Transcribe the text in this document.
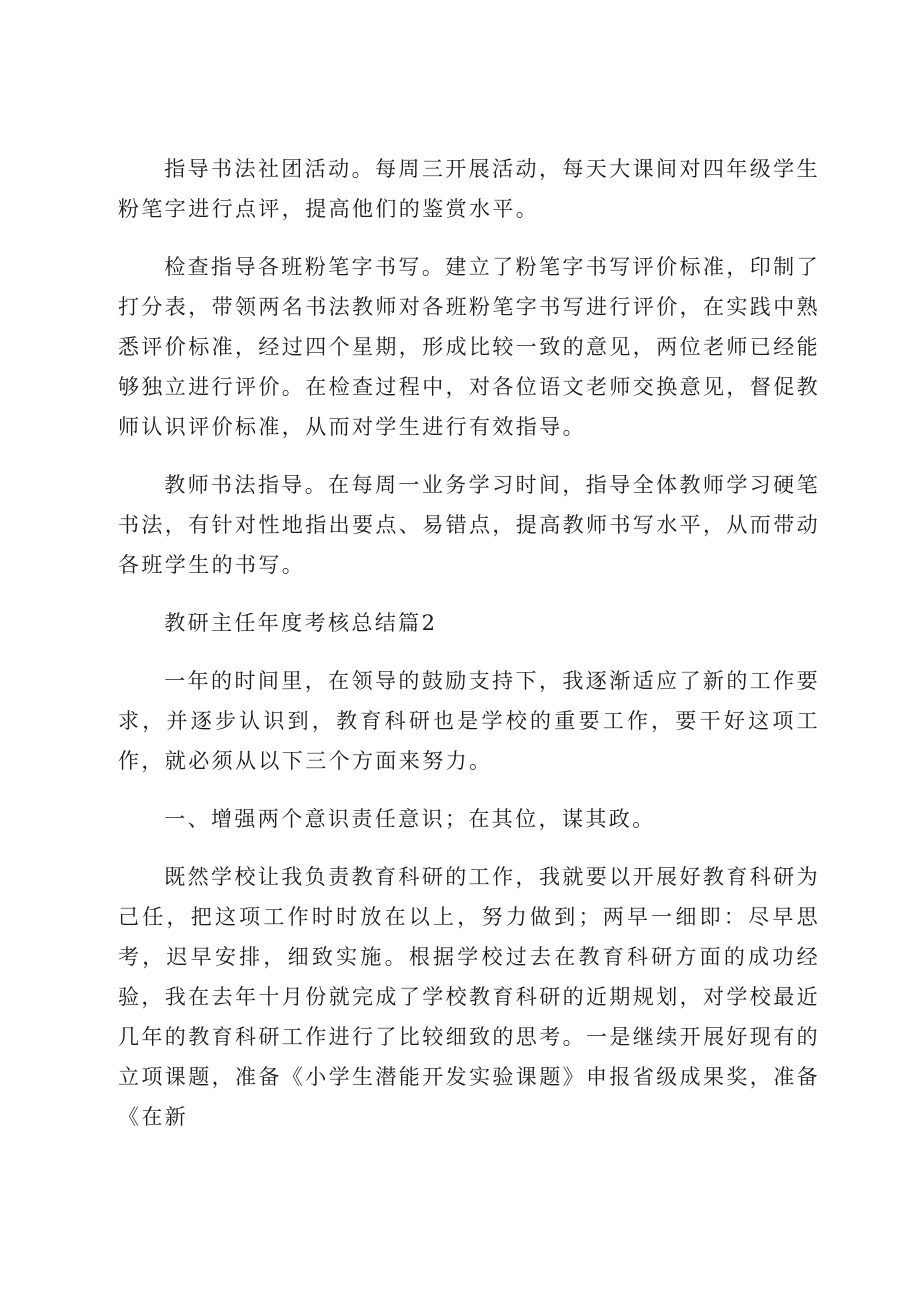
指导书法社团活动。每周三开展活动，每天大课间对四年级学生粉笔字进行点评，提高他们的鉴赏水平。

检查指导各班粉笔字书写。建立了粉笔字书写评价标准，印制了打分表，带领两名书法教师对各班粉笔字书写进行评价，在实践中熟悉评价标准，经过四个星期，形成比较一致的意见，两位老师已经能够独立进行评价。在检查过程中，对各位语文老师交换意见，督促教师认识评价标准，从而对学生进行有效指导。

教师书法指导。在每周一业务学习时间，指导全体教师学习硬笔书法，有针对性地指出要点、易错点，提高教师书写水平，从而带动各班学生的书写。

教研主任年度考核总结篇2

一年的时间里，在领导的鼓励支持下，我逐渐适应了新的工作要求，并逐步认识到，教育科研也是学校的重要工作，要干好这项工作，就必须从以下三个方面来努力。

一、增强两个意识责任意识；在其位，谋其政。

既然学校让我负责教育科研的工作，我就要以开展好教育科研为己任，把这项工作时时放在以上，努力做到；两早一细即：尽早思考，迟早安排，细致实施。根据学校过去在教育科研方面的成功经验，我在去年十月份就完成了学校教育科研的近期规划，对学校最近几年的教育科研工作进行了比较细致的思考。一是继续开展好现有的立项课题，准备《小学生潜能开发实验课题》申报省级成果奖，准备《在新
